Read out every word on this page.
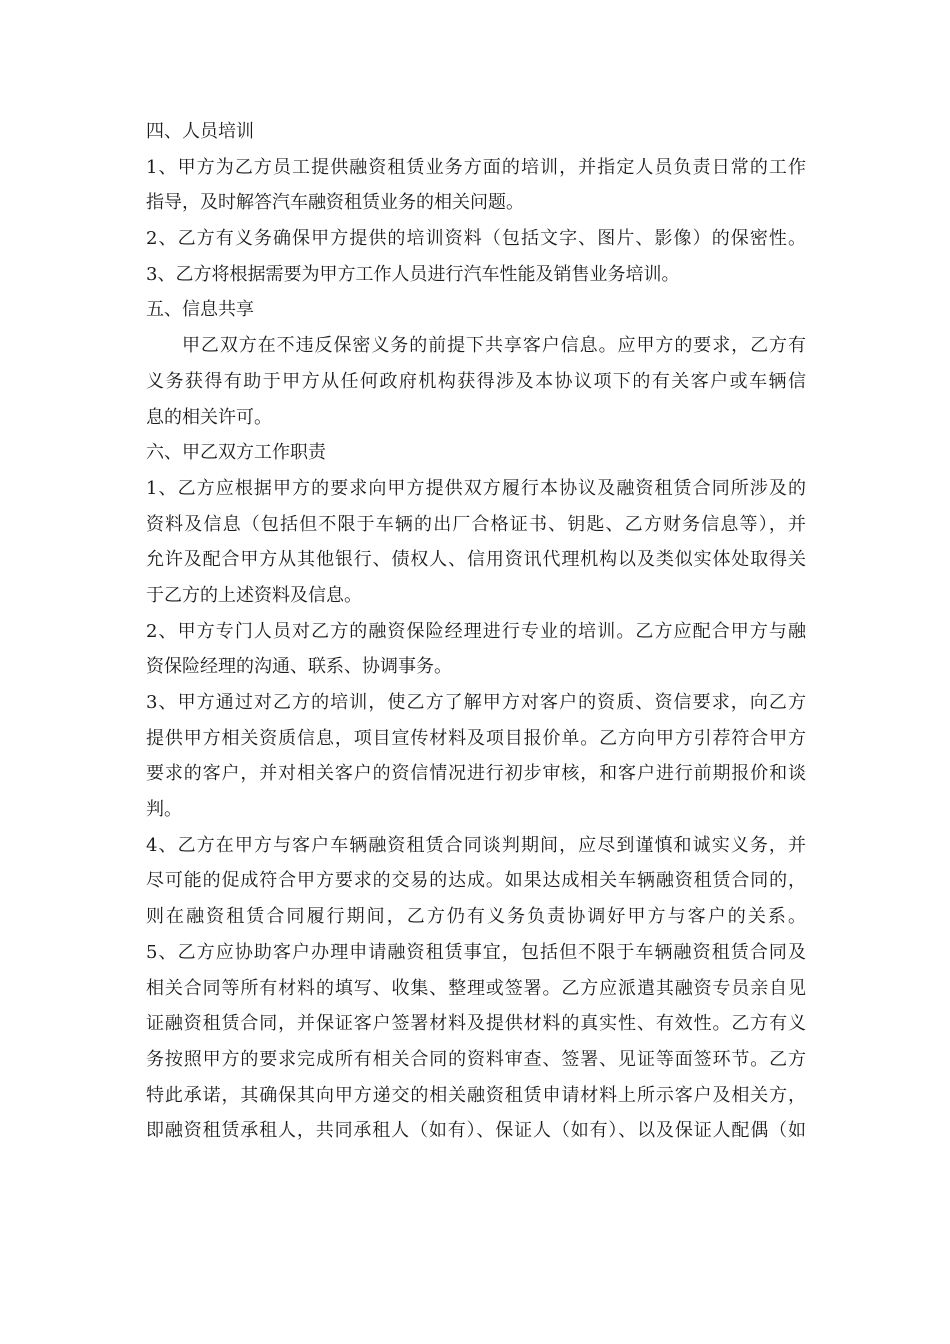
四、人员培训
1、甲方为乙方员工提供融资租赁业务方面的培训，并指定人员负责日常的工作
指导，及时解答汽车融资租赁业务的相关问题。
2、乙方有义务确保甲方提供的培训资料（包括文字、图片、影像）的保密性。
3、乙方将根据需要为甲方工作人员进行汽车性能及销售业务培训。
五、信息共享
甲乙双方在不违反保密义务的前提下共享客户信息。应甲方的要求，乙方有
义务获得有助于甲方从任何政府机构获得涉及本协议项下的有关客户或车辆信
息的相关许可。
六、甲乙双方工作职责
1、乙方应根据甲方的要求向甲方提供双方履行本协议及融资租赁合同所涉及的
资料及信息（包括但不限于车辆的出厂合格证书、钥匙、乙方财务信息等），并
允许及配合甲方从其他银行、债权人、信用资讯代理机构以及类似实体处取得关
于乙方的上述资料及信息。
2、甲方专门人员对乙方的融资保险经理进行专业的培训。乙方应配合甲方与融
资保险经理的沟通、联系、协调事务。
3、甲方通过对乙方的培训，使乙方了解甲方对客户的资质、资信要求，向乙方
提供甲方相关资质信息，项目宣传材料及项目报价单。乙方向甲方引荐符合甲方
要求的客户，并对相关客户的资信情况进行初步审核，和客户进行前期报价和谈
判。
4、乙方在甲方与客户车辆融资租赁合同谈判期间，应尽到谨慎和诚实义务，并
尽可能的促成符合甲方要求的交易的达成。如果达成相关车辆融资租赁合同的，
则在融资租赁合同履行期间，乙方仍有义务负责协调好甲方与客户的关系。
5、乙方应协助客户办理申请融资租赁事宜，包括但不限于车辆融资租赁合同及
相关合同等所有材料的填写、收集、整理或签署。乙方应派遣其融资专员亲自见
证融资租赁合同，并保证客户签署材料及提供材料的真实性、有效性。乙方有义
务按照甲方的要求完成所有相关合同的资料审查、签署、见证等面签环节。乙方
特此承诺，其确保其向甲方递交的相关融资租赁申请材料上所示客户及相关方，
即融资租赁承租人，共同承租人（如有）、保证人（如有）、以及保证人配偶（如
